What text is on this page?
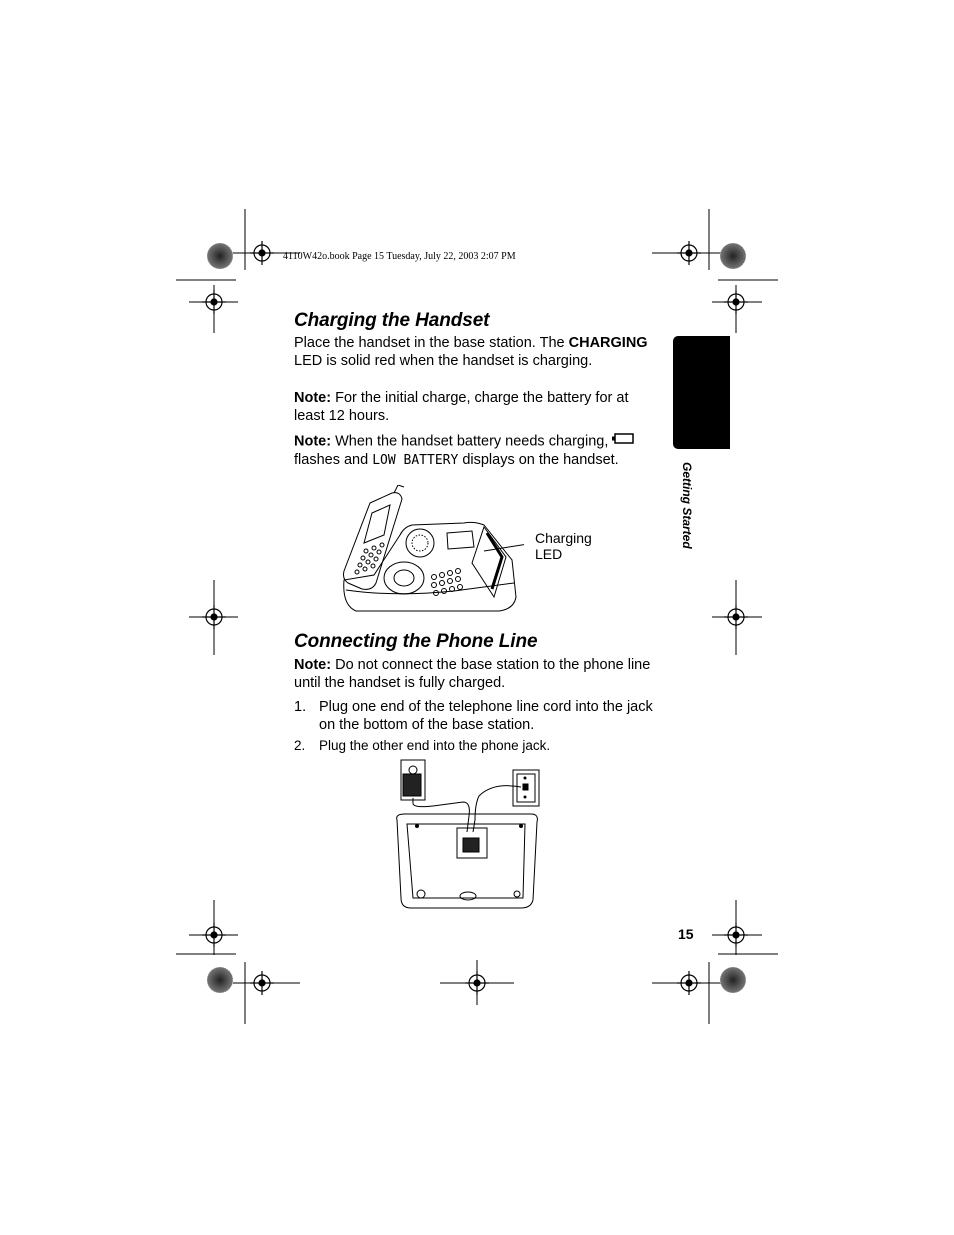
4110W42o.book Page 15 Tuesday, July 22, 2003 2:07 PM
Getting Started
Charging the Handset
Place the handset in the base station. The CHARGING LED is solid red when the handset is charging.
Note: For the initial charge, charge the battery for at least 12 hours.
Note: When the handset battery needs charging,  flashes and LOW BATTERY displays on the handset.
Charging
LED
Connecting the Phone Line
Note: Do not connect the base station to the phone line until the handset is fully charged.
1. Plug one end of the telephone line cord into the jack on the bottom of the base station.
2. Plug the other end into the phone jack.
15
